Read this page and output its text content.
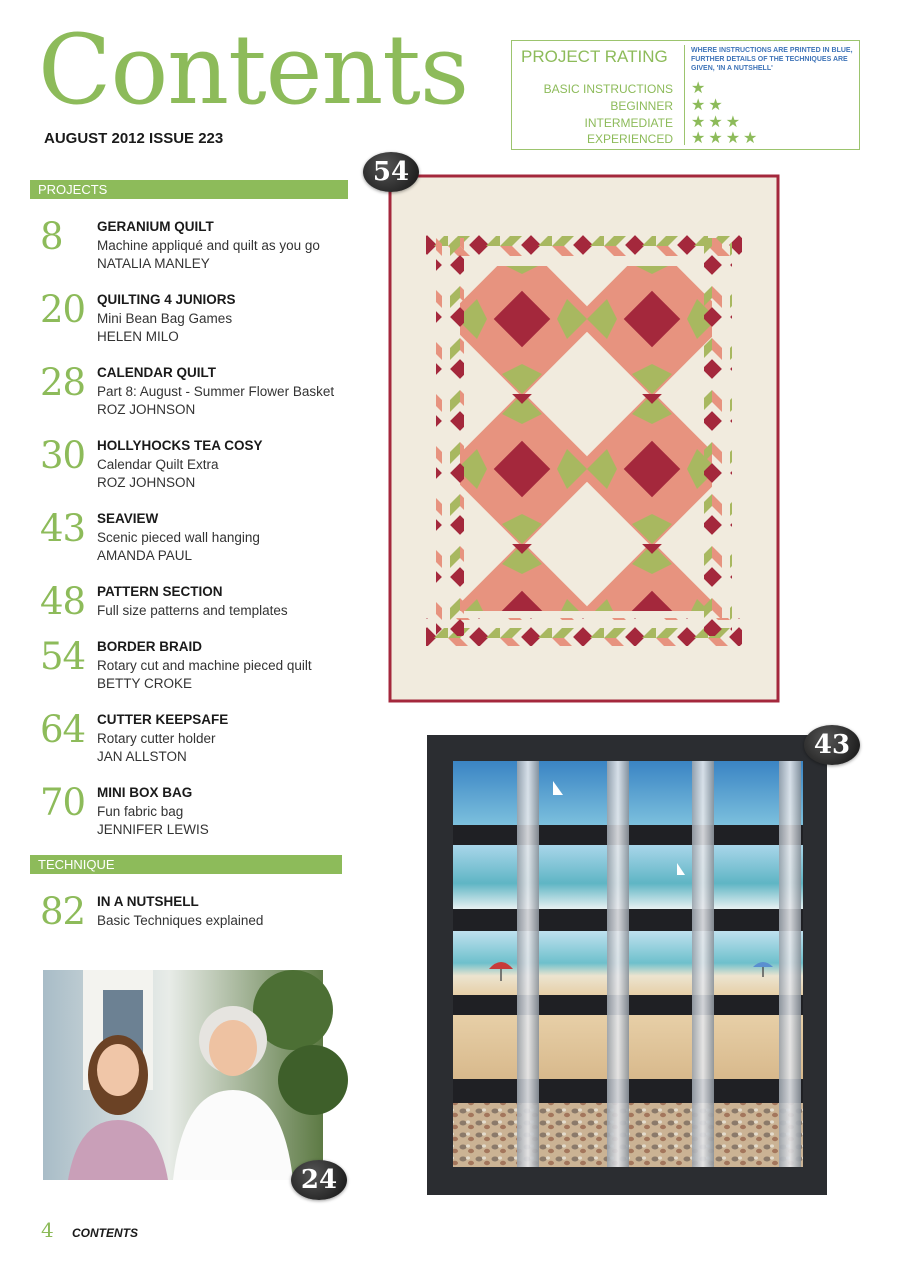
Contents
AUGUST 2012 ISSUE 223
PROJECT RATING	WHERE INSTRUCTIONS ARE PRINTED IN BLUE, FURTHER DETAILS OF THE TECHNIQUES ARE GIVEN, 'IN A NUTSHELL'
BASIC INSTRUCTIONS ★
BEGINNER ★★
INTERMEDIATE ★★★
EXPERIENCED ★★★★
PROJECTS
TECHNIQUE
8	GERANIUM QUILT
Machine appliqué and quilt as you go
NATALIA MANLEY
20 QUILTING 4 JUNIORS
Mini Bean Bag Games
HELEN MILO
28 CALENDAR QUILT
Part 8: August - Summer Flower Basket
ROZ JOHNSON
30 HOLLYHOCKS TEA COSY
Calendar Quilt Extra
ROZ JOHNSON
43 SEAVIEW
Scenic pieced wall hanging
AMANDA PAUL
48 PATTERN SECTION
Full size patterns and templates
54 BORDER BRAID
Rotary cut and machine pieced quilt
BETTY CROKE
64 CUTTER KEEPSAFE
Rotary cutter holder
JAN ALLSTON
70 MINI BOX BAG
Fun fabric bag
JENNIFER LEWIS
82 IN A NUTSHELL
Basic Techniques explained
54
43
24
4 CONTENTS
